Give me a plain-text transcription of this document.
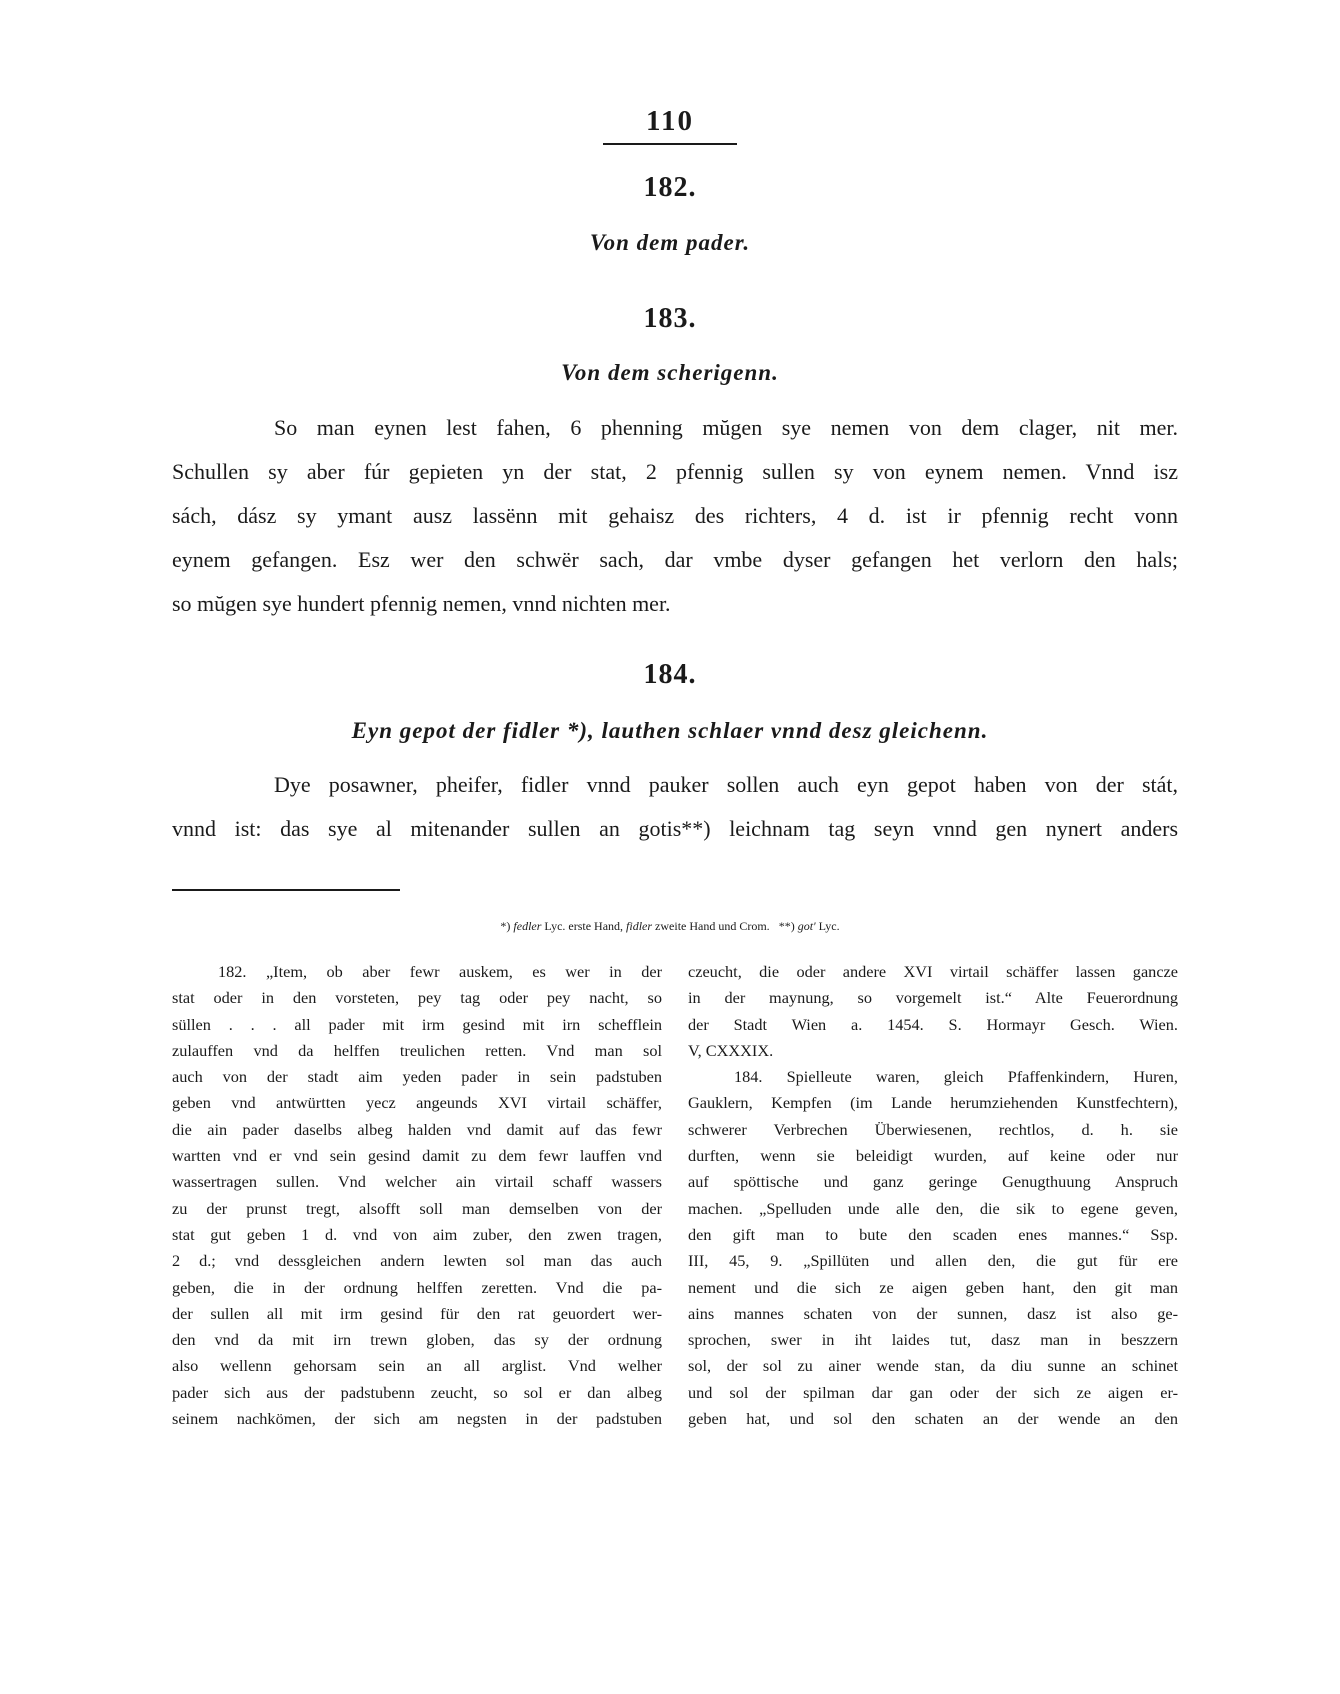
110
182.
Von dem pader.
183.
Von dem scherigenn.
So man eynen lest fahen, 6 phenning mŭgen sye nemen von dem clager, nit mer.
Schullen sy aber fúr gepieten yn der stat, 2 pfennig sullen sy von eynem nemen. Vnnd isz
sách, dász sy ymant ausz lassënn mit gehaisz des richters, 4 d. ist ir pfennig recht vonn
eynem gefangen. Esz wer den schwër sach, dar vmbe dyser gefangen het verlorn den hals;
so mŭgen sye hundert pfennig nemen, vnnd nichten mer.
184.
Eyn gepot der fidler *), lauthen schlaer vnnd desz gleichenn.
Dye posawner, pheifer, fidler vnnd pauker sollen auch eyn gepot haben von der stát,
vnnd ist: das sye al mitenander sullen an gotis**) leichnam tag seyn vnnd gen nynert anders
*) fedler Lyc. erste Hand, fidler zweite Hand und Crom. **) got' Lyc.
182. „Item, ob aber fewr auskem, es wer in der
stat oder in den vorsteten, pey tag oder pey nacht, so
süllen . . . all pader mit irm gesind mit irn schefflein
zulauffen vnd da helffen treulichen retten. Vnd man sol
auch von der stadt aim yeden pader in sein padstuben
geben vnd antwürtten yecz angeunds XVI virtail schäffer,
die ain pader daselbs albeg halden vnd damit auf das fewr
wartten vnd er vnd sein gesind damit zu dem fewr lauffen vnd
wassertragen sullen. Vnd welcher ain virtail schaff wassers
zu der prunst tregt, alsofft soll man demselben von der
stat gut geben 1 d. vnd von aim zuber, den zwen tragen,
2 d.; vnd dessgleichen andern lewten sol man das auch
geben, die in der ordnung helffen zeretten. Vnd die pa-
der sullen all mit irm gesind für den rat geuordert wer-
den vnd da mit irn trewn globen, das sy der ordnung
also wellenn gehorsam sein an all arglist. Vnd welher
pader sich aus der padstubenn zeucht, so sol er dan albeg
seinem nachkömen, der sich am negsten in der padstuben
czeucht, die oder andere XVI virtail schäffer lassen gancze
in der maynung, so vorgemelt ist.“ Alte Feuerordnung
der Stadt Wien a. 1454. S. Hormayr Gesch. Wien.
V, CXXXIX.
184. Spielleute waren, gleich Pfaffenkindern, Huren,
Gauklern, Kempfen (im Lande herumziehenden Kunstfechtern),
schwerer Verbrechen Überwiesenen, rechtlos, d. h. sie
durften, wenn sie beleidigt wurden, auf keine oder nur
auf spöttische und ganz geringe Genugthuung Anspruch
machen. „Spelluden unde alle den, die sik to egene geven,
den gift man to bute den scaden enes mannes.“ Ssp.
III, 45, 9. „Spillüten und allen den, die gut für ere
nement und die sich ze aigen geben hant, den git man
ains mannes schaten von der sunnen, dasz ist also ge-
sprochen, swer in iht laides tut, dasz man in beszzern
sol, der sol zu ainer wende stan, da diu sunne an schinet
und sol der spilman dar gan oder der sich ze aigen er-
geben hat, und sol den schaten an der wende an den
